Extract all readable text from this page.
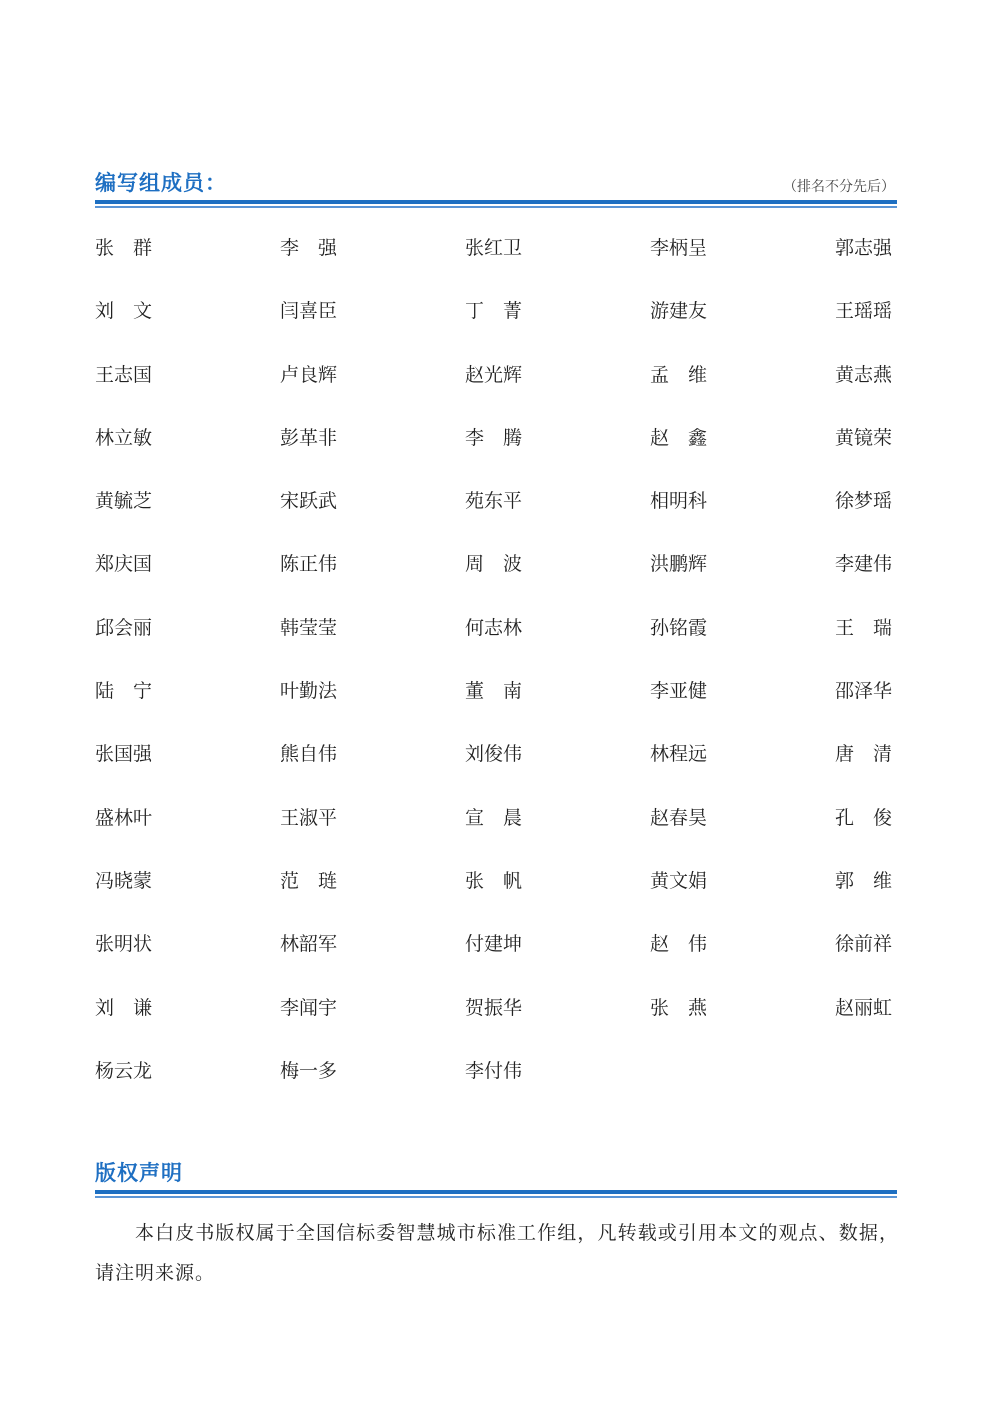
编写组成员：	（排名不分先后）
张　群	李　强	张红卫	李柄呈	郭志强
刘　文	闫喜臣	丁　菁	游建友	王瑶瑶
王志国	卢良辉	赵光辉	孟　维	黄志燕
林立敏	彭革非	李　腾	赵　鑫	黄镜荣
黄毓芝	宋跃武	苑东平	相明科	徐梦瑶
郑庆国	陈正伟	周　波	洪鹏辉	李建伟
邱会丽	韩莹莹	何志林	孙铭霞	王　瑞
陆　宁	叶勤法	董　南	李亚健	邵泽华
张国强	熊自伟	刘俊伟	林程远	唐　清
盛林叶	王淑平	宣　晨	赵春昊	孔　俊
冯晓蒙	范　琏	张　帆	黄文娟	郭　维
张明状	林韶军	付建坤	赵　伟	徐前祥
刘　谦	李闻宇	贺振华	张　燕	赵丽虹
杨云龙	梅一多	李付伟
版权声明
本白皮书版权属于全国信标委智慧城市标准工作组，凡转载或引用本文的观点、数据，请注明来源。
